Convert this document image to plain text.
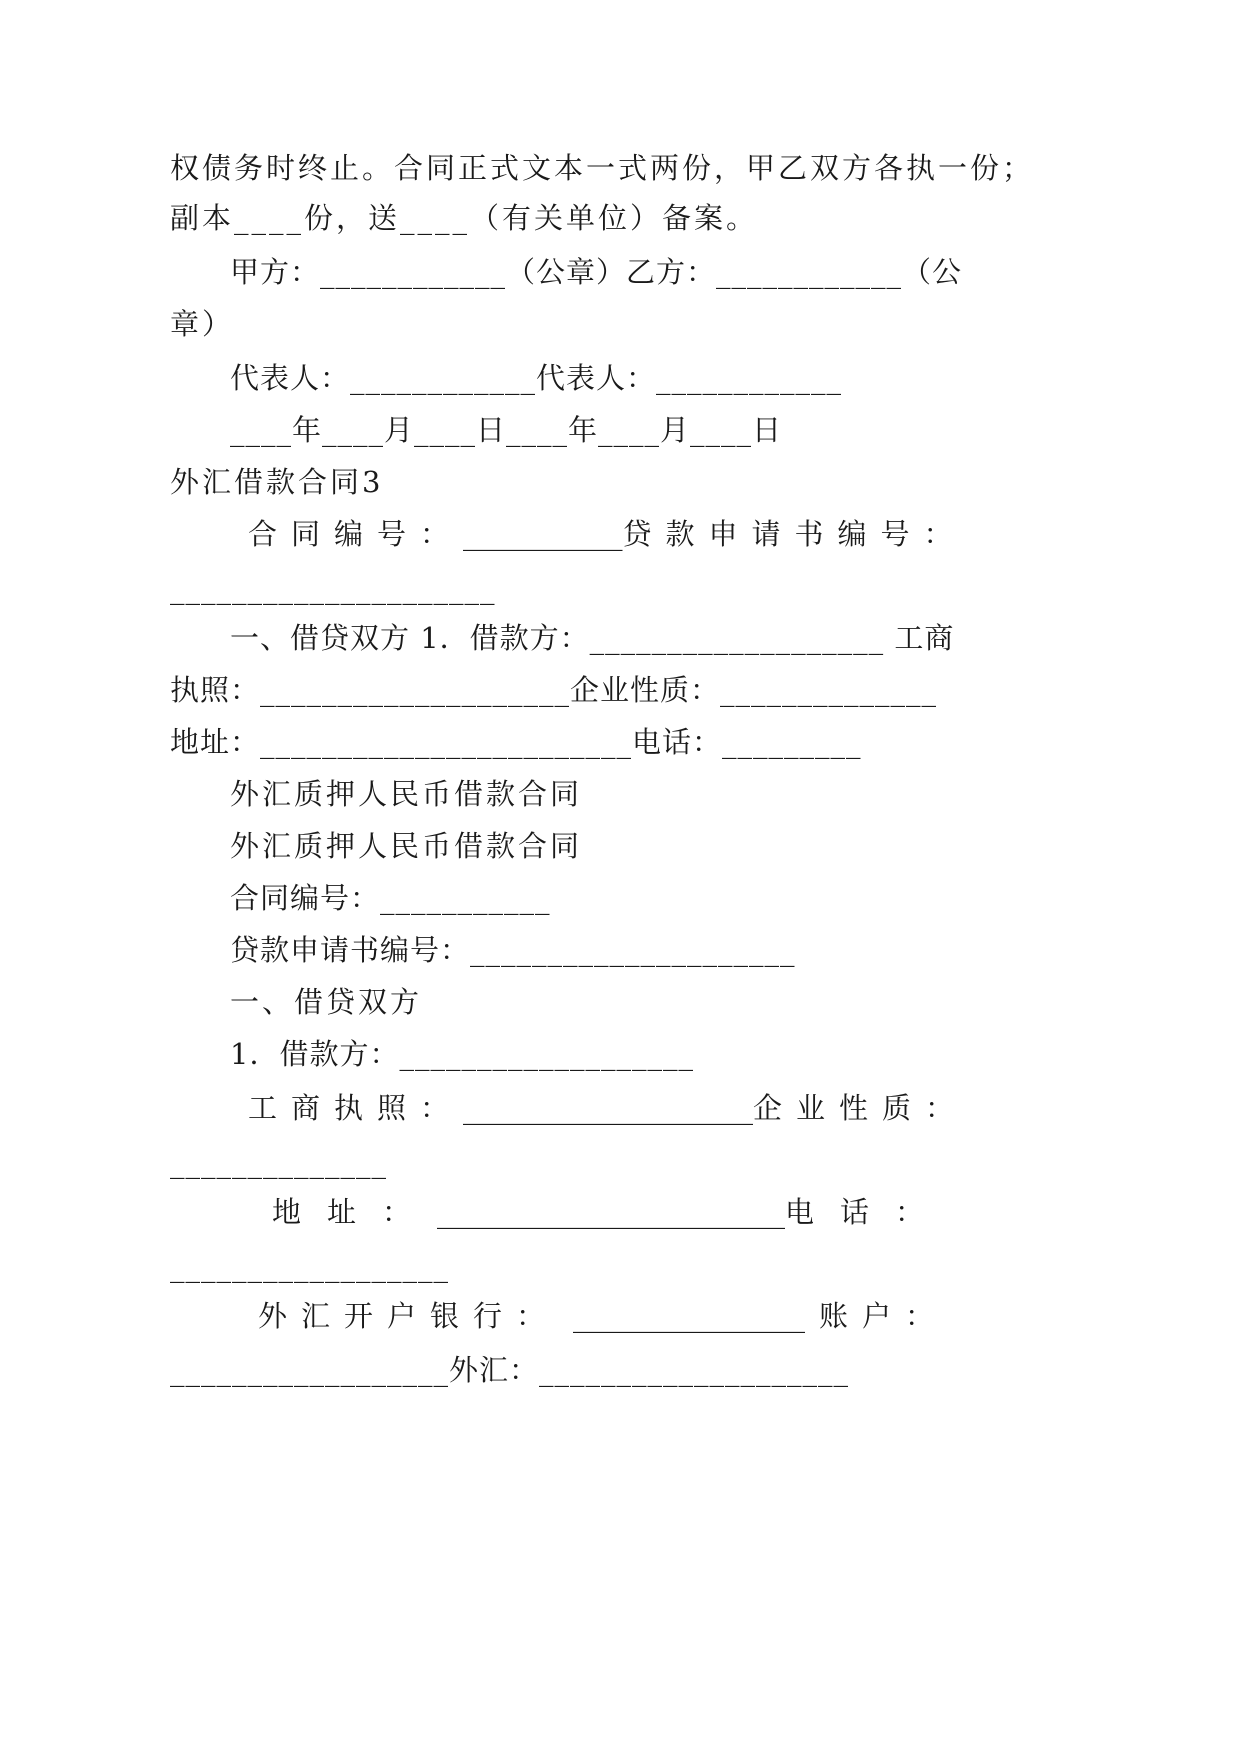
权债务时终止。合同正式文本一式两份，甲乙双方各执一份；
副本____份，送____（有关单位）备案。
甲方：____________（公章）乙方：____________（公
章）
代表人：____________代表人：____________
____年____月____日____年____月____日
外汇借款合同3
合同编号： ___________ 贷款申请书编号：
_____________________
一、借贷双方 1．借款方：___________________ 工商
执照：____________________企业性质：______________
地址：________________________电话：_________
外汇质押人民币借款合同
外汇质押人民币借款合同
合同编号：___________
贷款申请书编号：_____________________
一、借贷双方
1．借款方：___________________
工商执照： ____________________ 企业性质：
______________
地址： ________________________ 电话：
__________________
外汇开户银行： ________________ 账户：
__________________外汇：____________________
